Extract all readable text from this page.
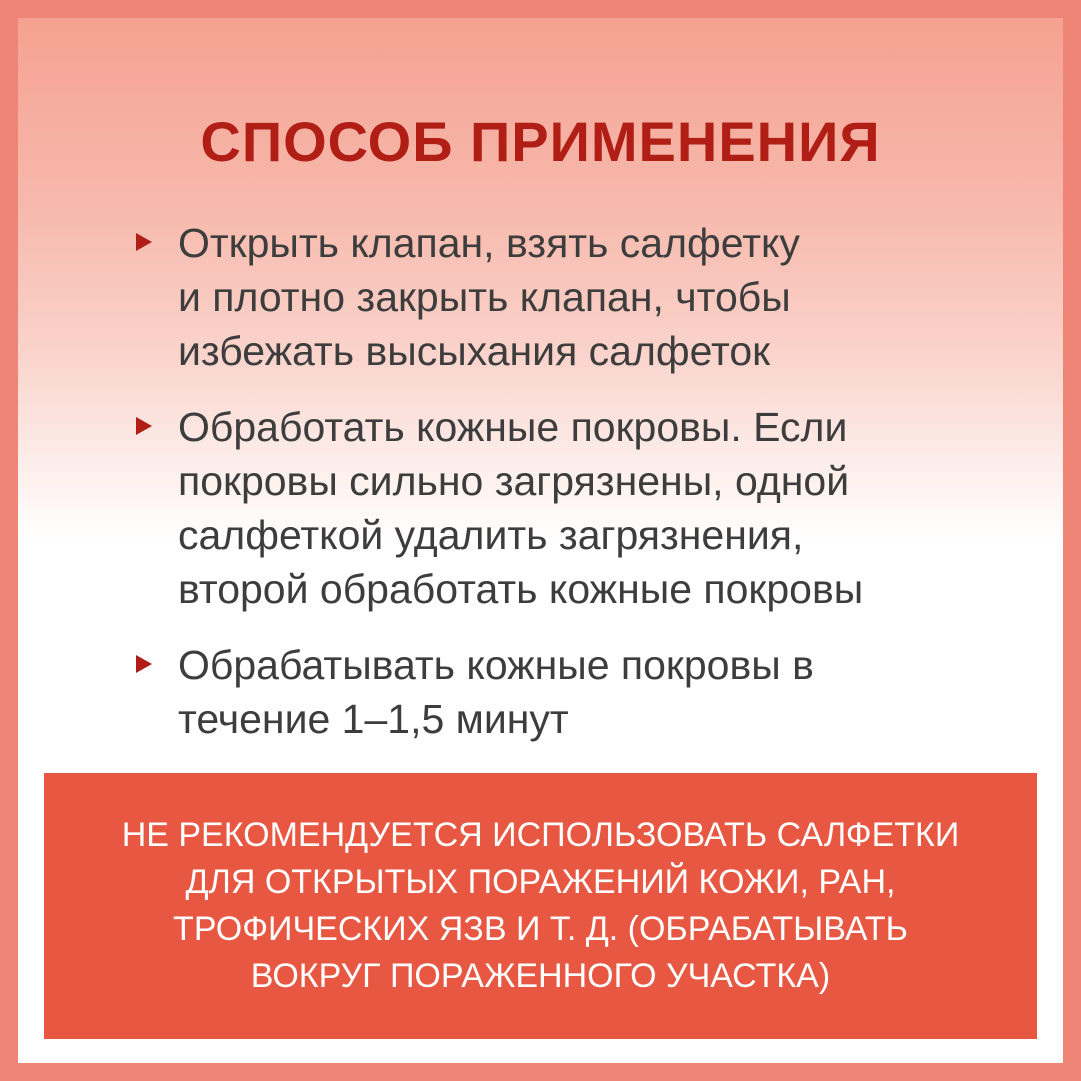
СПОСОБ ПРИМЕНЕНИЯ
Открыть клапан, взять салфетку
и плотно закрыть клапан, чтобы
избежать высыхания салфеток
Обработать кожные покровы. Если
покровы сильно загрязнены, одной
салфеткой удалить загрязнения,
второй обработать кожные покровы
Обрабатывать кожные покровы в
течение 1–1,5 минут

НЕ РЕКОМЕНДУЕТСЯ ИСПОЛЬЗОВАТЬ САЛФЕТКИ
ДЛЯ ОТКРЫТЫХ ПОРАЖЕНИЙ КОЖИ, РАН,
ТРОФИЧЕСКИХ ЯЗВ И Т. Д. (ОБРАБАТЫВАТЬ
ВОКРУГ ПОРАЖЕННОГО УЧАСТКА)
